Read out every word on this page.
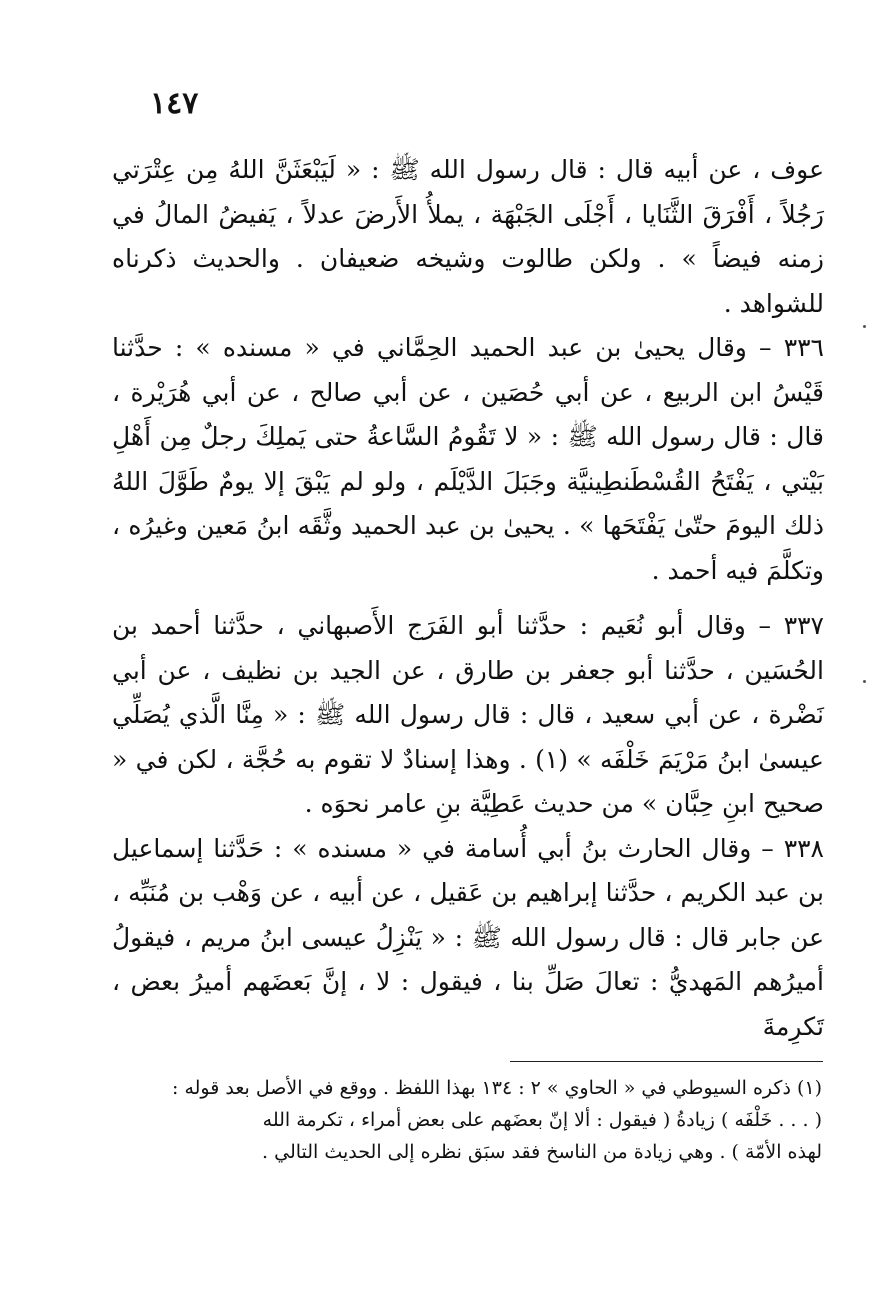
١٤٧

عوف ، عن أبيه قال : قال رسول الله ﷺ : « لَيَبْعَثَنَّ اللهُ مِن عِتْرَتي رَجُلاً ، أَفْرَقَ الثَّنَايا ، أَجْلَى الجَبْهَة ، يملأُ الأَرضَ عدلاً ، يَفيضُ المالُ في زمنه فيضاً » . ولكن طالوت وشيخه ضعيفان . والحديث ذكرناه للشواهد .

٣٣٦ – وقال يحيىٰ بن عبد الحميد الحِمَّاني في « مسنده » : حدَّثنا قَيْسُ ابن الربيع ، عن أبي حُصَين ، عن أبي صالح ، عن أبي هُرَيْرة ، قال : قال رسول الله ﷺ : « لا تَقُومُ السَّاعةُ حتى يَملِكَ رجلٌ مِن أَهْلِ بَيْتي ، يَفْتَحُ القُسْطَنطِينيَّة وجَبَلَ الدَّيْلَم ، ولو لم يَبْقَ إلا يومٌ طَوَّلَ اللهُ ذلك اليومَ حتّىٰ يَفْتَحَها » . يحيىٰ بن عبد الحميد وثَّقَه ابنُ مَعين وغيرُه ، وتكلَّمَ فيه أحمد .

٣٣٧ – وقال أبو نُعَيم : حدَّثنا أبو الفَرَج الأَصبهاني ، حدَّثنا أحمد بن الحُسَين ، حدَّثنا أبو جعفر بن طارق ، عن الجيد بن نظيف ، عن أبي نَضْرة ، عن أبي سعيد ، قال : قال رسول الله ﷺ : « مِنَّا الَّذي يُصَلِّي عيسىٰ ابنُ مَرْيَمَ خَلْفَه » (١) . وهذا إسنادٌ لا تقوم به حُجَّة ، لكن في « صحيح ابنِ حِبَّان » من حديث عَطِيَّة بنِ عامر نحوَه .

٣٣٨ – وقال الحارث بنُ أبي أُسامة في « مسنده » : حَدَّثنا إسماعيل بن عبد الكريم ، حدَّثنا إبراهيم بن عَقيل ، عن أبيه ، عن وَهْب بن مُنَبِّه ، عن جابر قال : قال رسول الله ﷺ : « يَنْزِلُ عيسى ابنُ مريم ، فيقولُ أميرُهم المَهديُّ : تعالَ صَلِّ بنا ، فيقول : لا ، إنَّ بَعضَهم أميرُ بعض ، تَكرِمةَ

(١) ذكره السيوطي في « الحاوي » ٢ : ١٣٤ بهذا اللفظ . ووقع في الأصل بعد قوله :

( . . . خَلْفَه ) زيادةُ ( فيقول : ألا إنّ بعضَهم على بعض أمراء ، تكرمة الله

لهذه الأمّة ) . وهي زيادة من الناسخ فقد سبَق نظره إلى الحديث التالي .
